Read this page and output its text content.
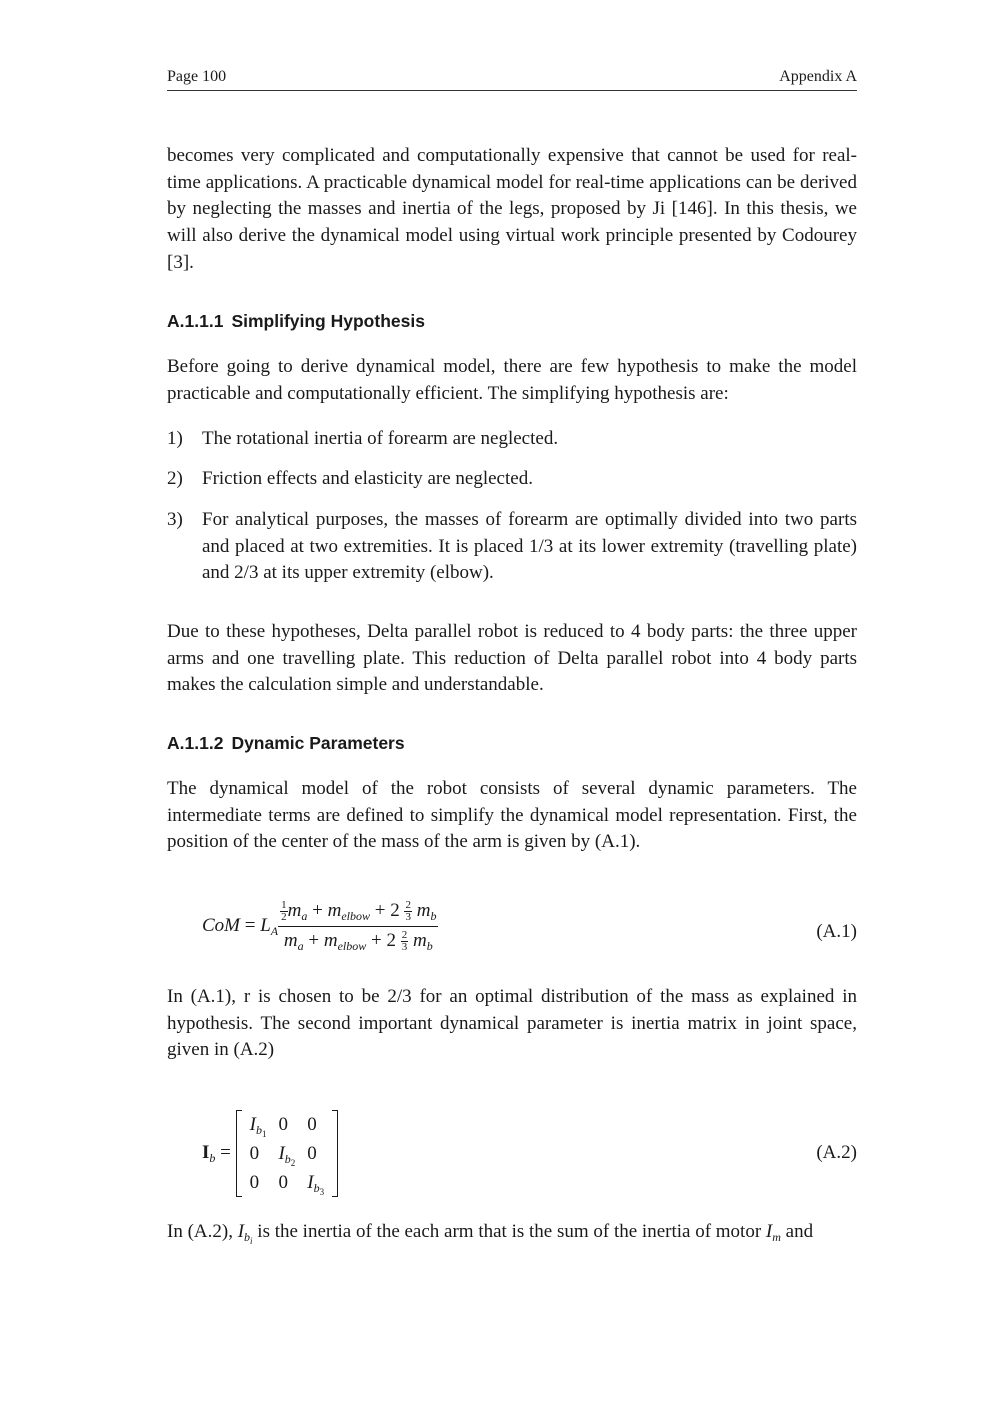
Page 100	Appendix A

becomes very complicated and computationally expensive that cannot be used for real-time applications. A practicable dynamical model for real-time applications can be derived by neglecting the masses and inertia of the legs, proposed by Ji [146]. In this thesis, we will also derive the dynamical model using virtual work principle presented by Codourey [3].

A.1.1.1 Simplifying Hypothesis

Before going to derive dynamical model, there are few hypothesis to make the model practicable and computationally efficient. The simplifying hypothesis are:

1) The rotational inertia of forearm are neglected.
2) Friction effects and elasticity are neglected.
3) For analytical purposes, the masses of forearm are optimally divided into two parts and placed at two extremities. It is placed 1/3 at its lower extremity (travelling plate) and 2/3 at its upper extremity (elbow).

Due to these hypotheses, Delta parallel robot is reduced to 4 body parts: the three upper arms and one travelling plate. This reduction of Delta parallel robot into 4 body parts makes the calculation simple and understandable.

A.1.1.2 Dynamic Parameters

The dynamical model of the robot consists of several dynamic parameters. The intermediate terms are defined to simplify the dynamical model representation. First, the position of the center of the mass of the arm is given by (A.1).

CoM = $L_A$
$\frac{1}{2} m_a + m_{elbow} + 2 \frac{2}{3} m_b$
$m_a + m_{elbow} + 2 \frac{2}{3} m_b$
(A.1)

In (A.1), r is chosen to be 2/3 for an optimal distribution of the mass as explained in hypothesis. The second important dynamical parameter is inertia matrix in joint space, given in (A.2)

$I_b$ =
$I_{b_1}$	0	0
0	$I_{b_2}$	0
0	0	$I_{b_3}$
(A.2)

In (A.2), $I_{b_i}$ is the inertia of the each arm that is the sum of the inertia of motor $I_m$ and
